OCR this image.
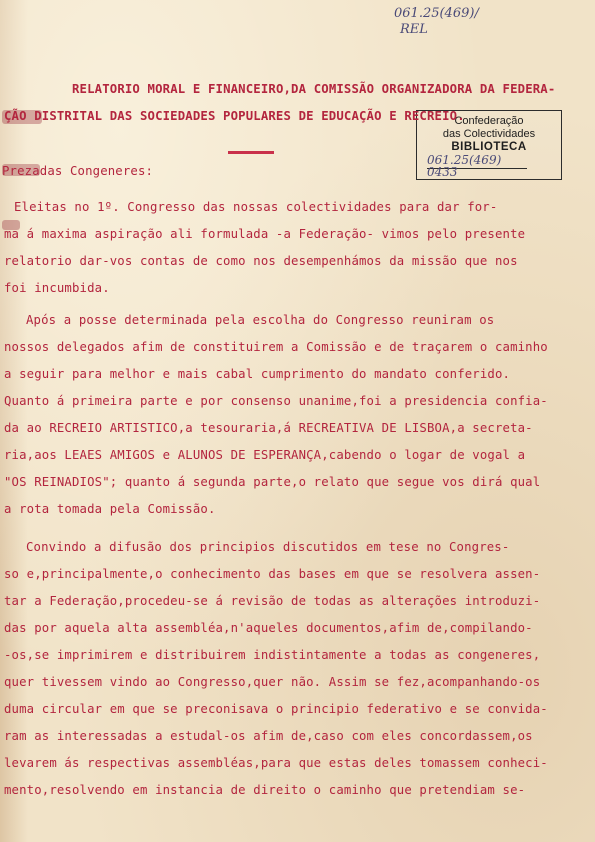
061.25(469)/
REL
Confederação
das Colectividades
BIBLIOTECA
061.25(469)
0433
RELATORIO MORAL E FINANCEIRO,DA COMISSÃO ORGANIZADORA DA FEDERA-
ÇÃO DISTRITAL DAS SOCIEDADES POPULARES DE EDUCAÇÃO E RECREIO.
Prezadas Congeneres:
Eleitas no 1º. Congresso das nossas colectividades para dar for-
ma á maxima aspiração ali formulada -a Federação- vimos pelo presente
relatorio dar-vos contas de como nos desempenhámos da missão que nos
foi incumbida.
Após a posse determinada pela escolha do Congresso reuniram os
nossos delegados afim de constituirem a Comissão e de traçarem o caminho
a seguir para melhor e mais cabal cumprimento do mandato conferido.
Quanto á primeira parte e por consenso unanime,foi a presidencia confia-
da ao RECREIO ARTISTICO,a tesouraria,á RECREATIVA DE LISBOA,a secreta-
ria,aos LEAES AMIGOS e ALUNOS DE ESPERANÇA,cabendo o logar de vogal a
"OS REINADIOS"; quanto á segunda parte,o relato que segue vos dirá qual
a rota tomada pela Comissão.
Convindo a difusão dos principios discutidos em tese no Congres-
so e,principalmente,o conhecimento das bases em que se resolvera assen-
tar a Federação,procedeu-se á revisão de todas as alterações introduzi-
das por aquela alta assembléa,n'aqueles documentos,afim de,compilando-
-os,se imprimirem e distribuirem indistintamente a todas as congeneres,
quer tivessem vindo ao Congresso,quer não. Assim se fez,acompanhando-os
duma circular em que se preconisava o principio federativo e se convida-
ram as interessadas a estudal-os afim de,caso com eles concordassem,os
levarem ás respectivas assembléas,para que estas deles tomassem conheci-
mento,resolvendo em instancia de direito o caminho que pretendiam se-
